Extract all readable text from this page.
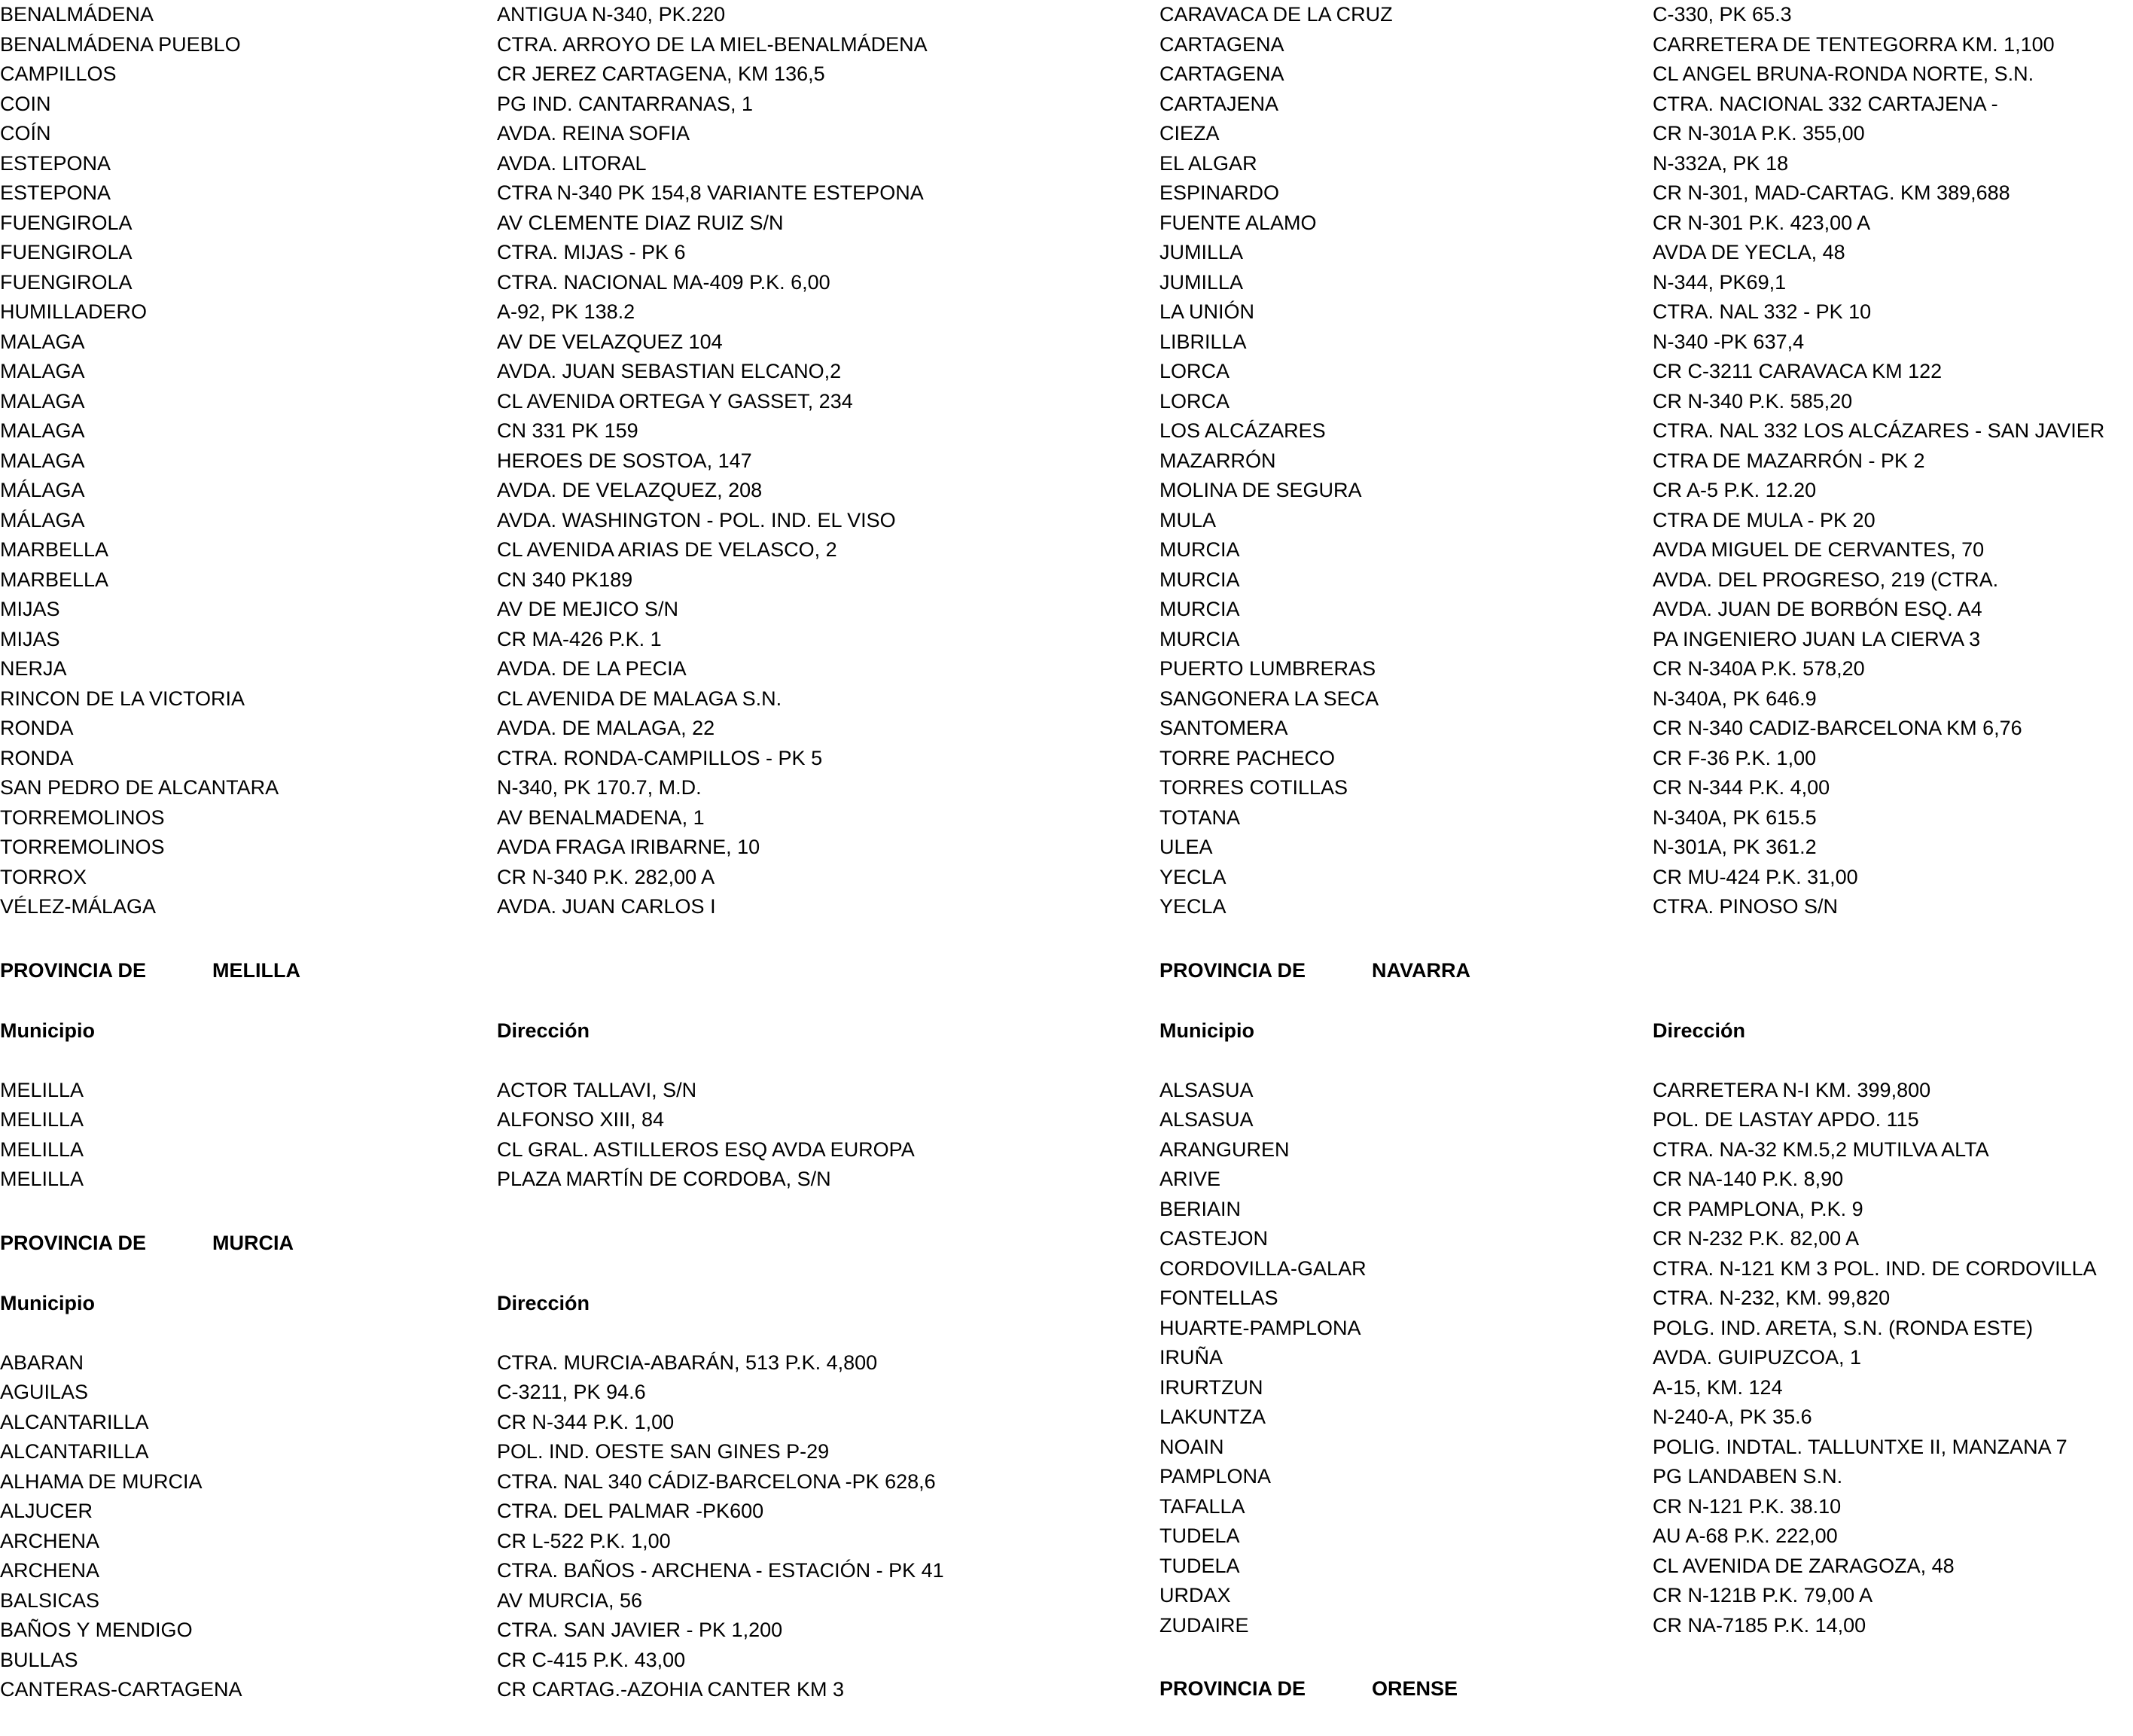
BENALMÁDENA	ANTIGUA N-340, PK.220
BENALMÁDENA PUEBLO	CTRA. ARROYO DE LA MIEL-BENALMÁDENA
CAMPILLOS	CR JEREZ CARTAGENA, KM 136,5
COIN	PG IND. CANTARRANAS, 1
COÍN	AVDA. REINA SOFIA
ESTEPONA	AVDA. LITORAL
ESTEPONA	CTRA N-340 PK 154,8 VARIANTE ESTEPONA
FUENGIROLA	AV CLEMENTE DIAZ RUIZ S/N
FUENGIROLA	CTRA. MIJAS - PK 6
FUENGIROLA	CTRA. NACIONAL MA-409 P.K. 6,00
HUMILLADERO	A-92, PK 138.2
MALAGA	AV DE VELAZQUEZ 104
MALAGA	AVDA. JUAN SEBASTIAN ELCANO,2
MALAGA	CL AVENIDA ORTEGA Y GASSET, 234
MALAGA	CN 331 PK 159
MALAGA	HEROES DE SOSTOA, 147
MÁLAGA	AVDA. DE VELAZQUEZ, 208
MÁLAGA	AVDA. WASHINGTON - POL. IND. EL VISO
MARBELLA	CL AVENIDA ARIAS DE VELASCO, 2
MARBELLA	CN 340 PK189
MIJAS	AV DE MEJICO S/N
MIJAS	CR MA-426 P.K. 1
NERJA	AVDA. DE LA PECIA
RINCON DE LA VICTORIA	CL AVENIDA DE MALAGA S.N.
RONDA	AVDA. DE MALAGA, 22
RONDA	CTRA. RONDA-CAMPILLOS - PK 5
SAN PEDRO DE ALCANTARA	N-340, PK 170.7, M.D.
TORREMOLINOS	AV BENALMADENA, 1
TORREMOLINOS	AVDA FRAGA IRIBARNE, 10
TORROX	CR N-340 P.K. 282,00 A
VÉLEZ-MÁLAGA	AVDA. JUAN CARLOS I
PROVINCIA DE	MELILLA
Municipio	Dirección
MELILLA	ACTOR TALLAVI, S/N
MELILLA	ALFONSO XIII, 84
MELILLA	CL GRAL. ASTILLEROS ESQ AVDA EUROPA
MELILLA	PLAZA MARTÍN DE CORDOBA, S/N
PROVINCIA DE	MURCIA
Municipio	Dirección
ABARAN	CTRA. MURCIA-ABARÁN, 513 P.K. 4,800
AGUILAS	C-3211, PK 94.6
ALCANTARILLA	CR N-344 P.K. 1,00
ALCANTARILLA	POL. IND. OESTE SAN GINES P-29
ALHAMA DE MURCIA	CTRA. NAL 340 CÁDIZ-BARCELONA -PK 628,6
ALJUCER	CTRA. DEL PALMAR -PK600
ARCHENA	CR L-522 P.K. 1,00
ARCHENA	CTRA. BAÑOS - ARCHENA - ESTACIÓN - PK 41
BALSICAS	AV MURCIA, 56
BAÑOS Y MENDIGO	CTRA. SAN JAVIER - PK 1,200
BULLAS	CR C-415 P.K. 43,00
CANTERAS-CARTAGENA	CR CARTAG.-AZOHIA CANTER KM 3
CARAVACA DE LA CRUZ	C-330, PK 65.3
CARTAGENA	CARRETERA DE TENTEGORRA KM. 1,100
CARTAGENA	CL ANGEL BRUNA-RONDA NORTE, S.N.
CARTAJENA	CTRA. NACIONAL 332 CARTAJENA -
CIEZA	CR N-301A P.K. 355,00
EL ALGAR	N-332A, PK 18
ESPINARDO	CR N-301, MAD-CARTAG. KM 389,688
FUENTE ALAMO	CR N-301 P.K. 423,00 A
JUMILLA	AVDA DE YECLA, 48
JUMILLA	N-344, PK69,1
LA UNIÓN	CTRA. NAL 332 - PK 10
LIBRILLA	N-340 -PK 637,4
LORCA	CR C-3211 CARAVACA KM 122
LORCA	CR N-340 P.K. 585,20
LOS ALCÁZARES	CTRA. NAL 332 LOS ALCÁZARES - SAN JAVIER
MAZARRÓN	CTRA DE MAZARRÓN - PK 2
MOLINA DE SEGURA	CR A-5 P.K. 12.20
MULA	CTRA DE MULA - PK 20
MURCIA	AVDA MIGUEL DE CERVANTES, 70
MURCIA	AVDA. DEL PROGRESO, 219 (CTRA.
MURCIA	AVDA. JUAN DE BORBÓN ESQ. A4
MURCIA	PA INGENIERO JUAN LA CIERVA 3
PUERTO LUMBRERAS	CR N-340A P.K. 578,20
SANGONERA LA SECA	N-340A, PK 646.9
SANTOMERA	CR N-340 CADIZ-BARCELONA KM 6,76
TORRE PACHECO	CR F-36 P.K. 1,00
TORRES COTILLAS	CR N-344 P.K. 4,00
TOTANA	N-340A, PK 615.5
ULEA	N-301A, PK 361.2
YECLA	CR MU-424 P.K. 31,00
YECLA	CTRA. PINOSO S/N
PROVINCIA DE	NAVARRA
Municipio	Dirección
ALSASUA	CARRETERA N-I KM. 399,800
ALSASUA	POL. DE LASTAY APDO. 115
ARANGUREN	CTRA. NA-32 KM.5,2 MUTILVA ALTA
ARIVE	CR NA-140 P.K. 8,90
BERIAIN	CR PAMPLONA, P.K. 9
CASTEJON	CR N-232 P.K. 82,00 A
CORDOVILLA-GALAR	CTRA. N-121 KM 3 POL. IND. DE CORDOVILLA
FONTELLAS	CTRA. N-232, KM. 99,820
HUARTE-PAMPLONA	POLG. IND. ARETA, S.N. (RONDA ESTE)
IRUÑA	AVDA. GUIPUZCOA, 1
IRURTZUN	A-15, KM. 124
LAKUNTZA	N-240-A, PK 35.6
NOAIN	POLIG. INDTAL. TALLUNTXE II, MANZANA 7
PAMPLONA	PG LANDABEN S.N.
TAFALLA	CR N-121 P.K. 38.10
TUDELA	AU A-68 P.K. 222,00
TUDELA	CL AVENIDA DE ZARAGOZA, 48
URDAX	CR N-121B P.K. 79,00 A
ZUDAIRE	CR NA-7185 P.K. 14,00
PROVINCIA DE	ORENSE
